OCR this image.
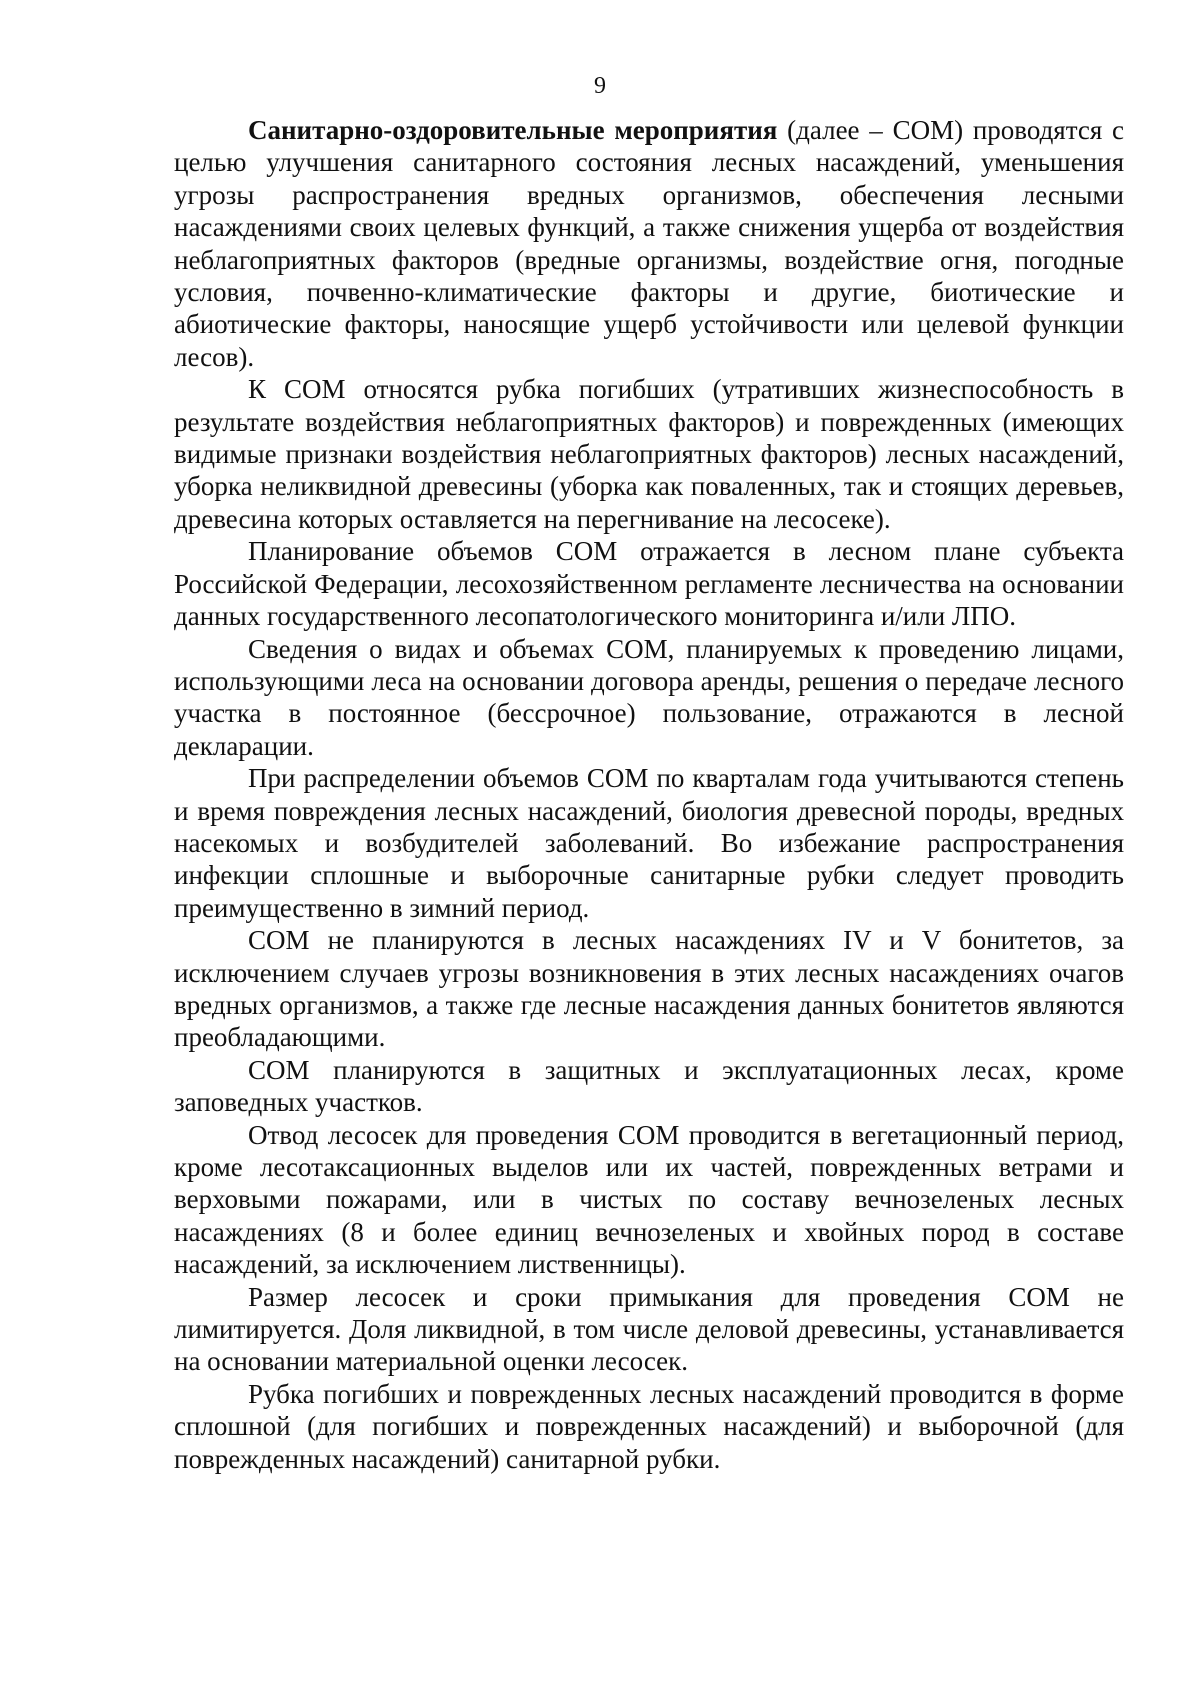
9

Санитарно-оздоровительные мероприятия (далее – СОМ) проводятся с целью улучшения санитарного состояния лесных насаждений, уменьшения угрозы распространения вредных организмов, обеспечения лесными насаждениями своих целевых функций, а также снижения ущерба от воздействия неблагоприятных факторов (вредные организмы, воздействие огня, погодные условия, почвенно-климатические факторы и другие, биотические и абиотические факторы, наносящие ущерб устойчивости или целевой функции лесов).

К СОМ относятся рубка погибших (утративших жизнеспособность в результате воздействия неблагоприятных факторов) и поврежденных (имеющих видимые признаки воздействия неблагоприятных факторов) лесных насаждений, уборка неликвидной древесины (уборка как поваленных, так и стоящих деревьев, древесина которых оставляется на перегнивание на лесосеке).

Планирование объемов СОМ отражается в лесном плане субъекта Российской Федерации, лесохозяйственном регламенте лесничества на основании данных государственного лесопатологического мониторинга и/или ЛПО.

Сведения о видах и объемах СОМ, планируемых к проведению лицами, использующими леса на основании договора аренды, решения о передаче лесного участка в постоянное (бессрочное) пользование, отражаются в лесной декларации.

При распределении объемов СОМ по кварталам года учитываются степень и время повреждения лесных насаждений, биология древесной породы, вредных насекомых и возбудителей заболеваний. Во избежание распространения инфекции сплошные и выборочные санитарные рубки следует проводить преимущественно в зимний период.

СОМ не планируются в лесных насаждениях IV и V бонитетов, за исключением случаев угрозы возникновения в этих лесных насаждениях очагов вредных организмов, а также где лесные насаждения данных бонитетов являются преобладающими.

СОМ планируются в защитных и эксплуатационных лесах, кроме заповедных участков.

Отвод лесосек для проведения СОМ проводится в вегетационный период, кроме лесотаксационных выделов или их частей, поврежденных ветрами и верховыми пожарами, или в чистых по составу вечнозеленых лесных насаждениях (8 и более единиц вечнозеленых и хвойных пород в составе насаждений, за исключением лиственницы).

Размер лесосек и сроки примыкания для проведения СОМ не лимитируется. Доля ликвидной, в том числе деловой древесины, устанавливается на основании материальной оценки лесосек.

Рубка погибших и поврежденных лесных насаждений проводится в форме сплошной (для погибших и поврежденных насаждений) и выборочной (для поврежденных насаждений) санитарной рубки.
